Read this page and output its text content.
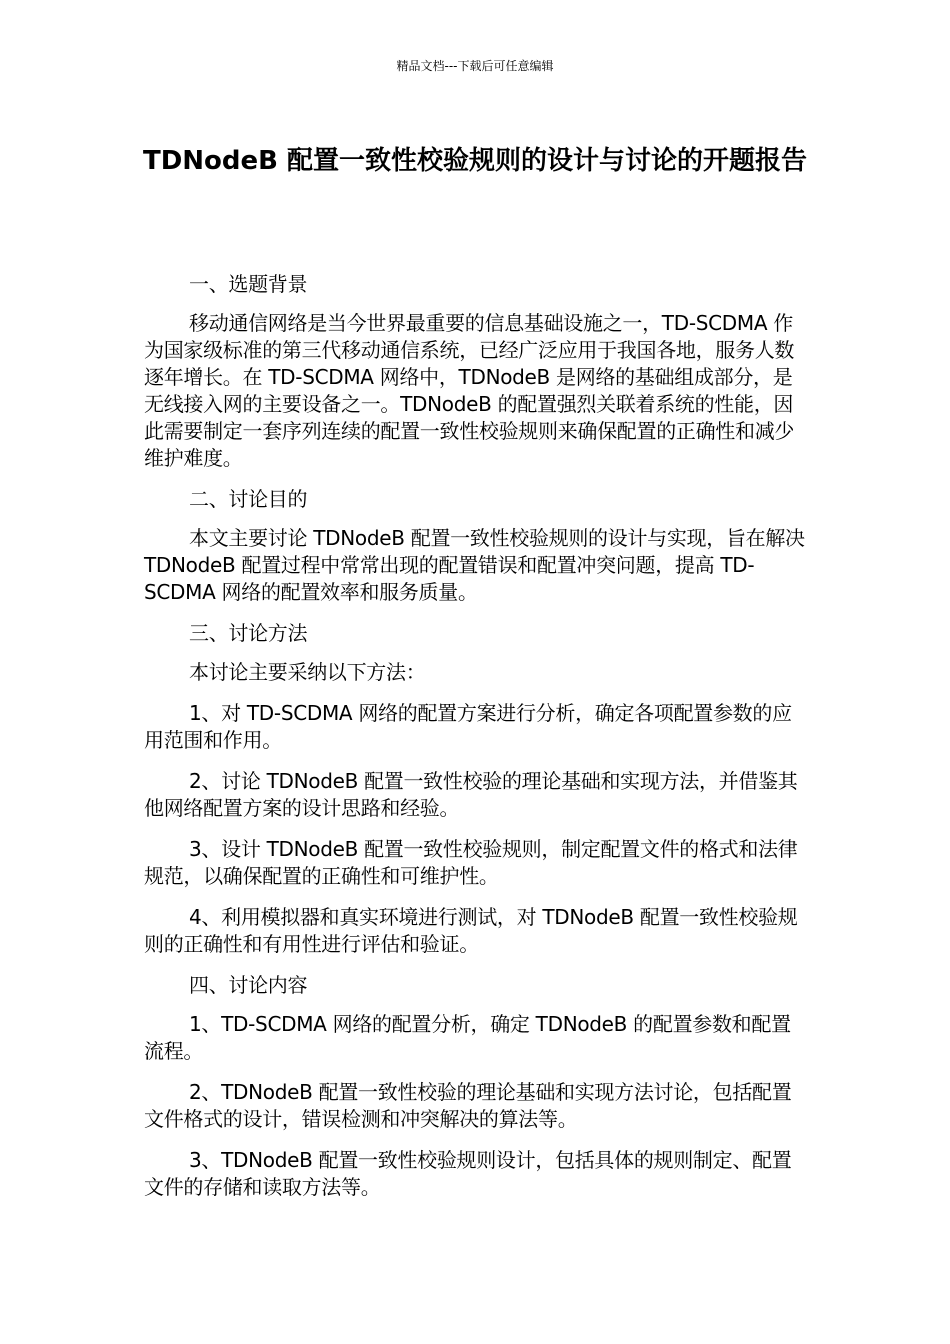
精品文档---下载后可任意编辑
TDNodeB 配置一致性校验规则的设计与讨论的开题报告

一、选题背景

移动通信网络是当今世界最重要的信息基础设施之一，TD-SCDMA 作为国家级标准的第三代移动通信系统，已经广泛应用于我国各地，服务人数逐年增长。在 TD-SCDMA 网络中，TDNodeB 是网络的基础组成部分，是无线接入网的主要设备之一。TDNodeB 的配置强烈关联着系统的性能，因此需要制定一套序列连续的配置一致性校验规则来确保配置的正确性和减少维护难度。

二、讨论目的

本文主要讨论 TDNodeB 配置一致性校验规则的设计与实现，旨在解决 TDNodeB 配置过程中常常出现的配置错误和配置冲突问题，提高 TD-SCDMA 网络的配置效率和服务质量。

三、讨论方法

本讨论主要采纳以下方法：

1、对 TD-SCDMA 网络的配置方案进行分析，确定各项配置参数的应用范围和作用。

2、讨论 TDNodeB 配置一致性校验的理论基础和实现方法，并借鉴其他网络配置方案的设计思路和经验。

3、设计 TDNodeB 配置一致性校验规则，制定配置文件的格式和法律规范，以确保配置的正确性和可维护性。

4、利用模拟器和真实环境进行测试，对 TDNodeB 配置一致性校验规则的正确性和有用性进行评估和验证。

四、讨论内容

1、TD-SCDMA 网络的配置分析，确定 TDNodeB 的配置参数和配置流程。

2、TDNodeB 配置一致性校验的理论基础和实现方法讨论，包括配置文件格式的设计，错误检测和冲突解决的算法等。

3、TDNodeB 配置一致性校验规则设计，包括具体的规则制定、配置文件的存储和读取方法等。
